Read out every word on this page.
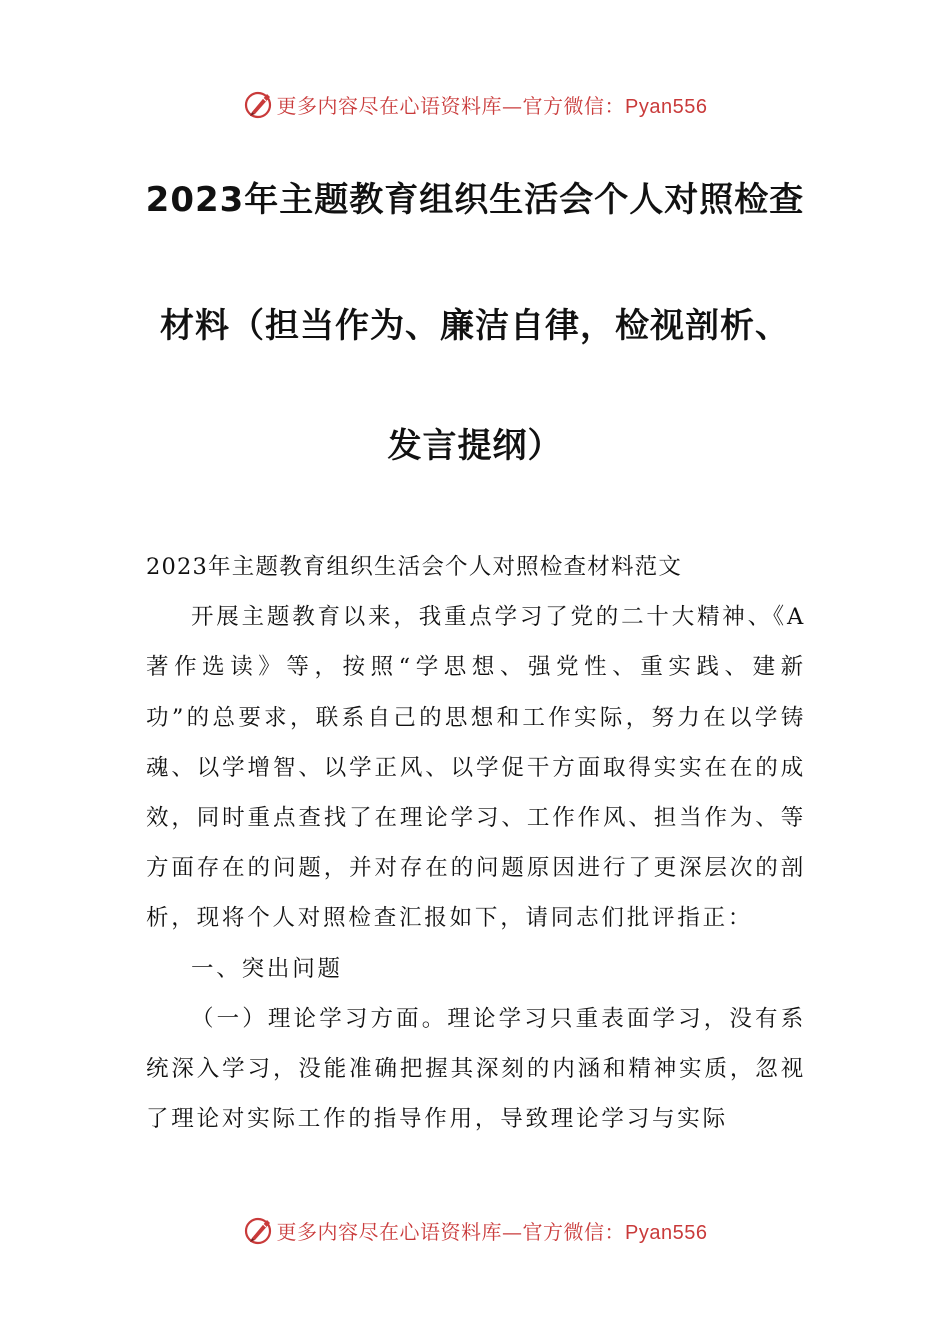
更多内容尽在心语资料库—官方微信：Pyan556
2023年主题教育组织生活会个人对照检查
材料（担当作为、廉洁自律，检视剖析、
发言提纲）

2023年主题教育组织生活会个人对照检查材料范文

开展主题教育以来，我重点学习了党的二十大精神、《A著作选读》等，按照“学思想、强党性、重实践、建新功”的总要求，联系自己的思想和工作实际，努力在以学铸魂、以学增智、以学正风、以学促干方面取得实实在在的成效，同时重点查找了在理论学习、工作作风、担当作为、等方面存在的问题，并对存在的问题原因进行了更深层次的剖析，现将个人对照检查汇报如下，请同志们批评指正：

一、突出问题

（一）理论学习方面。理论学习只重表面学习，没有系统深入学习，没能准确把握其深刻的内涵和精神实质，忽视了理论对实际工作的指导作用，导致理论学习与实际

更多内容尽在心语资料库—官方微信：Pyan556
